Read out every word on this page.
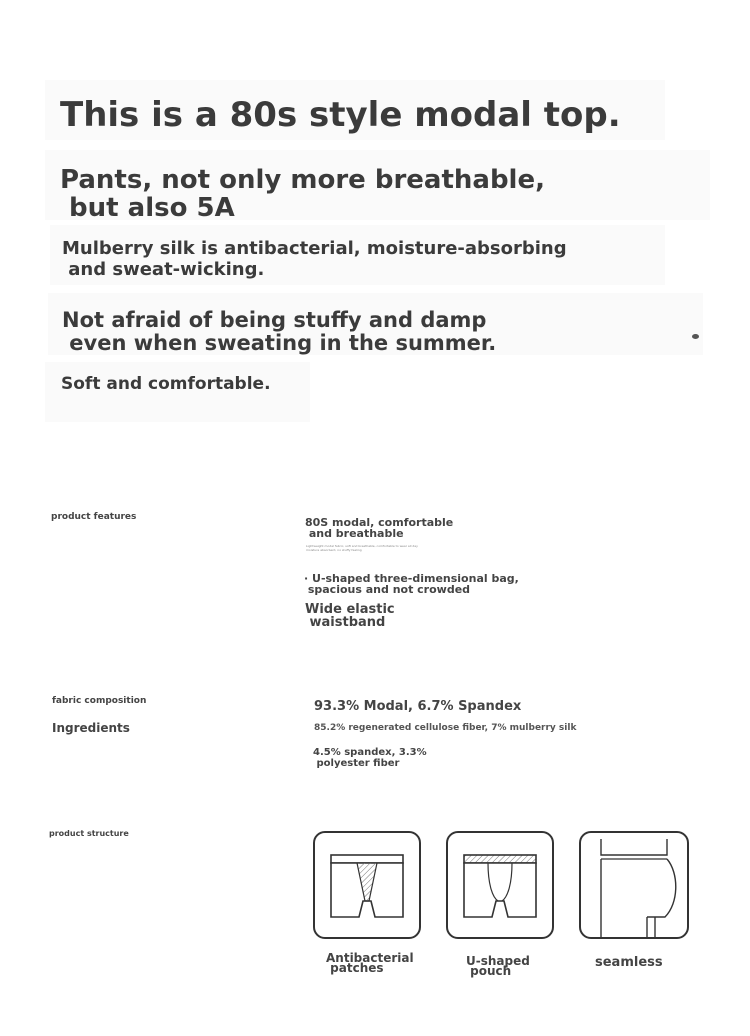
This is a 80s style modal top.
Pants, not only more breathable,
but also 5A
Mulberry silk is antibacterial, moisture-absorbing
and sweat-wicking.
Not afraid of being stuffy and damp
even when sweating in the summer.
Soft and comfortable.
product features	80S modal, comfortable
and breathable
Lightweight modal fabric, soft and breathable, comfortable to wear all day
moisture absorbent, no stuffy feeling
· U-shaped three-dimensional bag,
spacious and not crowded
Wide elastic
waistband
fabric composition
Ingredients
93.3% Modal, 6.7% Spandex
85.2% regenerated cellulose fiber, 7% mulberry silk
4.5% spandex, 3.3%
polyester fiber
product structure
Antibacterial
patches	U-shaped
pouch
seamless
